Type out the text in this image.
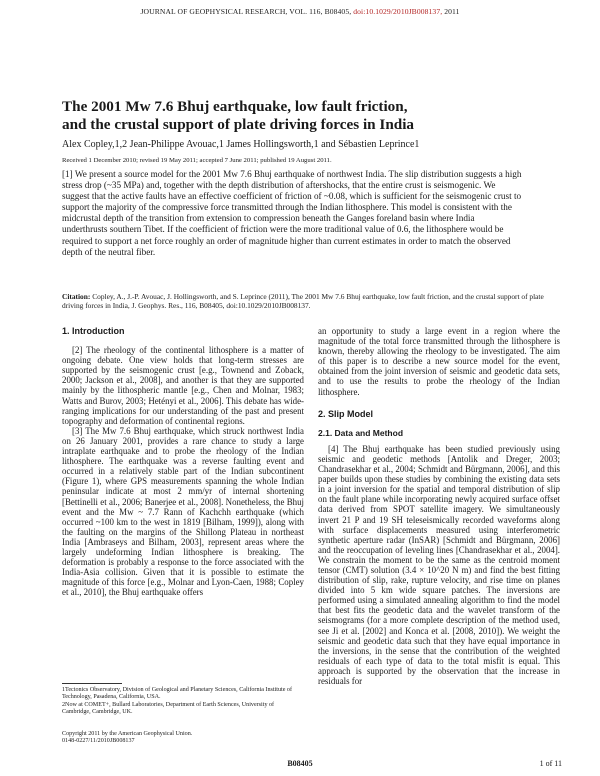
JOURNAL OF GEOPHYSICAL RESEARCH, VOL. 116, B08405, doi:10.1029/2010JB008137, 2011
The 2001 Mw 7.6 Bhuj earthquake, low fault friction,
and the crustal support of plate driving forces in India
Alex Copley,1,2 Jean-Philippe Avouac,1 James Hollingsworth,1 and Sébastien Leprince1
Received 1 December 2010; revised 19 May 2011; accepted 7 June 2011; published 19 August 2011.
[1] We present a source model for the 2001 Mw 7.6 Bhuj earthquake of northwest India. The slip distribution suggests a high stress drop (~35 MPa) and, together with the depth distribution of aftershocks, that the entire crust is seismogenic. We suggest that the active faults have an effective coefficient of friction of ~0.08, which is sufficient for the seismogenic crust to support the majority of the compressive force transmitted through the Indian lithosphere. This model is consistent with the midcrustal depth of the transition from extension to compression beneath the Ganges foreland basin where India underthrusts southern Tibet. If the coefficient of friction were the more traditional value of 0.6, the lithosphere would be required to support a net force roughly an order of magnitude higher than current estimates in order to match the observed depth of the neutral fiber.
Citation: Copley, A., J.-P. Avouac, J. Hollingsworth, and S. Leprince (2011), The 2001 Mw 7.6 Bhuj earthquake, low fault friction, and the crustal support of plate driving forces in India, J. Geophys. Res., 116, B08405, doi:10.1029/2010JB008137.
1. Introduction

[2] The rheology of the continental lithosphere is a matter of ongoing debate. One view holds that long-term stresses are supported by the seismogenic crust [e.g., Townend and Zoback, 2000; Jackson et al., 2008], and another is that they are supported mainly by the lithospheric mantle [e.g., Chen and Molnar, 1983; Watts and Burov, 2003; Hetényi et al., 2006]. This debate has wide-ranging implications for our understanding of the past and present topography and deformation of continental regions.

[3] The Mw 7.6 Bhuj earthquake, which struck northwest India on 26 January 2001, provides a rare chance to study a large intraplate earthquake and to probe the rheology of the Indian lithosphere. The earthquake was a reverse faulting event and occurred in a relatively stable part of the Indian subcontinent (Figure 1), where GPS measurements spanning the whole Indian peninsular indicate at most 2 mm/yr of internal shortening [Bettinelli et al., 2006; Banerjee et al., 2008]. Nonetheless, the Bhuj event and the Mw ~ 7.7 Rann of Kachchh earthquake (which occurred ~100 km to the west in 1819 [Bilham, 1999]), along with the faulting on the margins of the Shillong Plateau in northeast India [Ambraseys and Bilham, 2003], represent areas where the largely undeforming Indian lithosphere is breaking. The deformation is probably a response to the force associated with the India-Asia collision. Given that it is possible to estimate the magnitude of this force [e.g., Molnar and Lyon-Caen, 1988; Copley et al., 2010], the Bhuj earthquake offers

an opportunity to study a large event in a region where the magnitude of the total force transmitted through the lithosphere is known, thereby allowing the rheology to be investigated. The aim of this paper is to describe a new source model for the event, obtained from the joint inversion of seismic and geodetic data sets, and to use the results to probe the rheology of the Indian lithosphere.

2. Slip Model
2.1. Data and Method

[4] The Bhuj earthquake has been studied previously using seismic and geodetic methods [Antolik and Dreger, 2003; Chandrasekhar et al., 2004; Schmidt and Bürgmann, 2006], and this paper builds upon these studies by combining the existing data sets in a joint inversion for the spatial and temporal distribution of slip on the fault plane while incorporating newly acquired surface offset data derived from SPOT satellite imagery. We simultaneously invert 21 P and 19 SH teleseismically recorded waveforms along with surface displacements measured using interferometric synthetic aperture radar (InSAR) [Schmidt and Bürgmann, 2006] and the reoccupation of leveling lines [Chandrasekhar et al., 2004]. We constrain the moment to be the same as the centroid moment tensor (CMT) solution (3.4 × 10^20 N m) and find the best fitting distribution of slip, rake, rupture velocity, and rise time on planes divided into 5 km wide square patches. The inversions are performed using a simulated annealing algorithm to find the model that best fits the geodetic data and the wavelet transform of the seismograms (for a more complete description of the method used, see Ji et al. [2002] and Konca et al. [2008, 2010]). We weight the seismic and geodetic data such that they have equal importance in the inversions, in the sense that the contribution of the weighted residuals of each type of data to the total misfit is equal. This approach is supported by the observation that the increase in residuals for

1Tectonics Observatory, Division of Geological and Planetary Sciences, California Institute of Technology, Pasadena, California, USA.
2Now at COMET+, Bullard Laboratories, Department of Earth Sciences, University of Cambridge, Cambridge, UK.
Copyright 2011 by the American Geophysical Union.
0148-0227/11/2010JB008137
B08405	1 of 11
